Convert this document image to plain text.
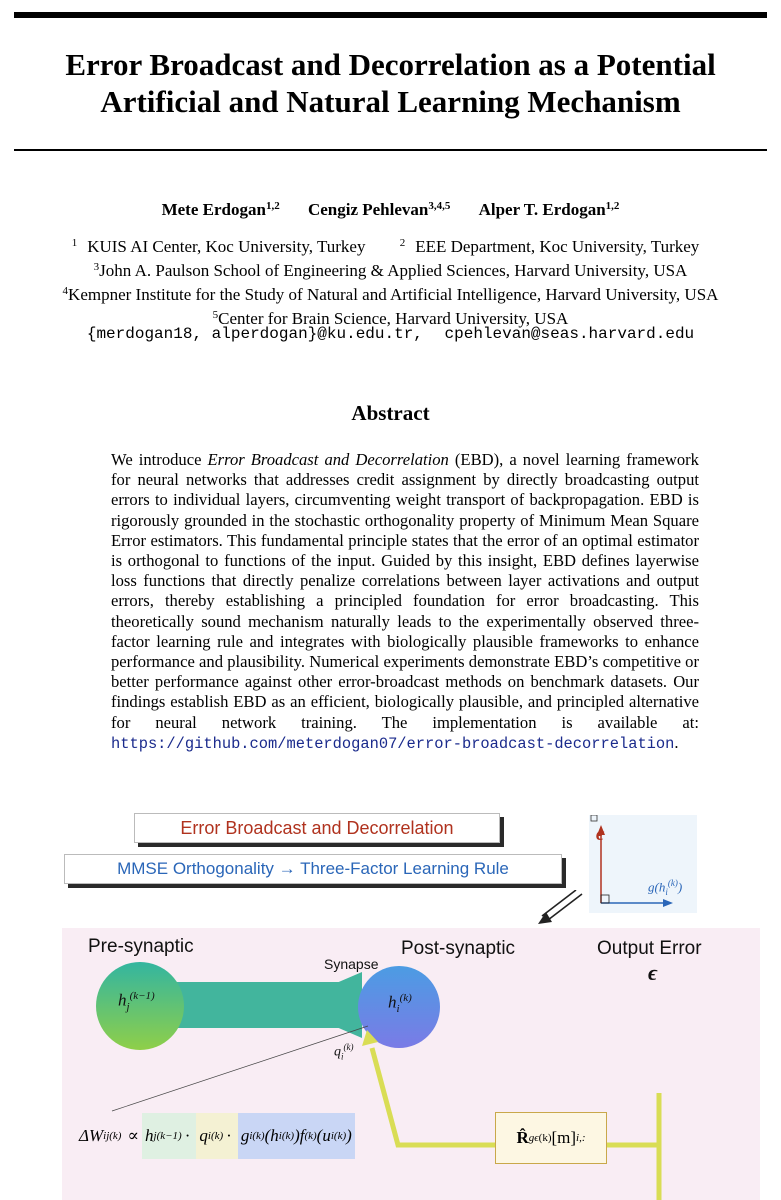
Error Broadcast and Decorrelation as a Potential
Artificial and Natural Learning Mechanism
Mete Erdogan$^{1,2}$ Cengiz Pehlevan$^{3,4,5}$ Alper T. Erdogan$^{1,2}$
$^1$ KUIS AI Center, Koc University, Turkey	$^2$ EEE Department, Koc University, Turkey
$^3$John A. Paulson School of Engineering & Applied Sciences, Harvard University, USA
$^4$Kempner Institute for the Study of Natural and Artificial Intelligence, Harvard University, USA
$^5$Center for Brain Science, Harvard University, USA
{merdogan18, alperdogan}@ku.edu.tr, cpehlevan@seas.harvard.edu
Abstract
We introduce Error Broadcast and Decorrelation (EBD), a novel learning framework for neural networks that addresses credit assignment by directly broadcasting output errors to individual layers, circumventing weight transport of backpropagation. EBD is rigorously grounded in the stochastic orthogonality property of Minimum Mean Square Error estimators. This fundamental principle states that the error of an optimal estimator is orthogonal to functions of the input. Guided by this insight, EBD defines layerwise loss functions that directly penalize correlations between layer activations and output errors, thereby establishing a principled foundation for error broadcasting. This theoretically sound mechanism naturally leads to the experimentally observed three-factor learning rule and integrates with biologically plausible frameworks to enhance performance and plausibility. Numerical experiments demonstrate EBD’s competitive or better performance against other error-broadcast methods on benchmark datasets. Our findings establish EBD as an efficient, biologically plausible, and principled alternative for neural network training. The implementation is available at: https://github.com/meterdogan07/error-broadcast-decorrelation.
Error Broadcast and Decorrelation
MMSE Orthogonality → Three-Factor Learning Rule
ϵ
$g(h_i^{(k)})$
Pre-synaptic	Post-synaptic
Synapse
Output Error
ϵ
$h_j^{(k-1)}$	$h_i^{(k)}$
$q_i^{(k)}$
ΔW ij (k) ∝ h j (k−1) · q i (k) · g i (k) (h i (k) )f (k) (u i (k) )	R̂ gϵ (k) [m] i,:
